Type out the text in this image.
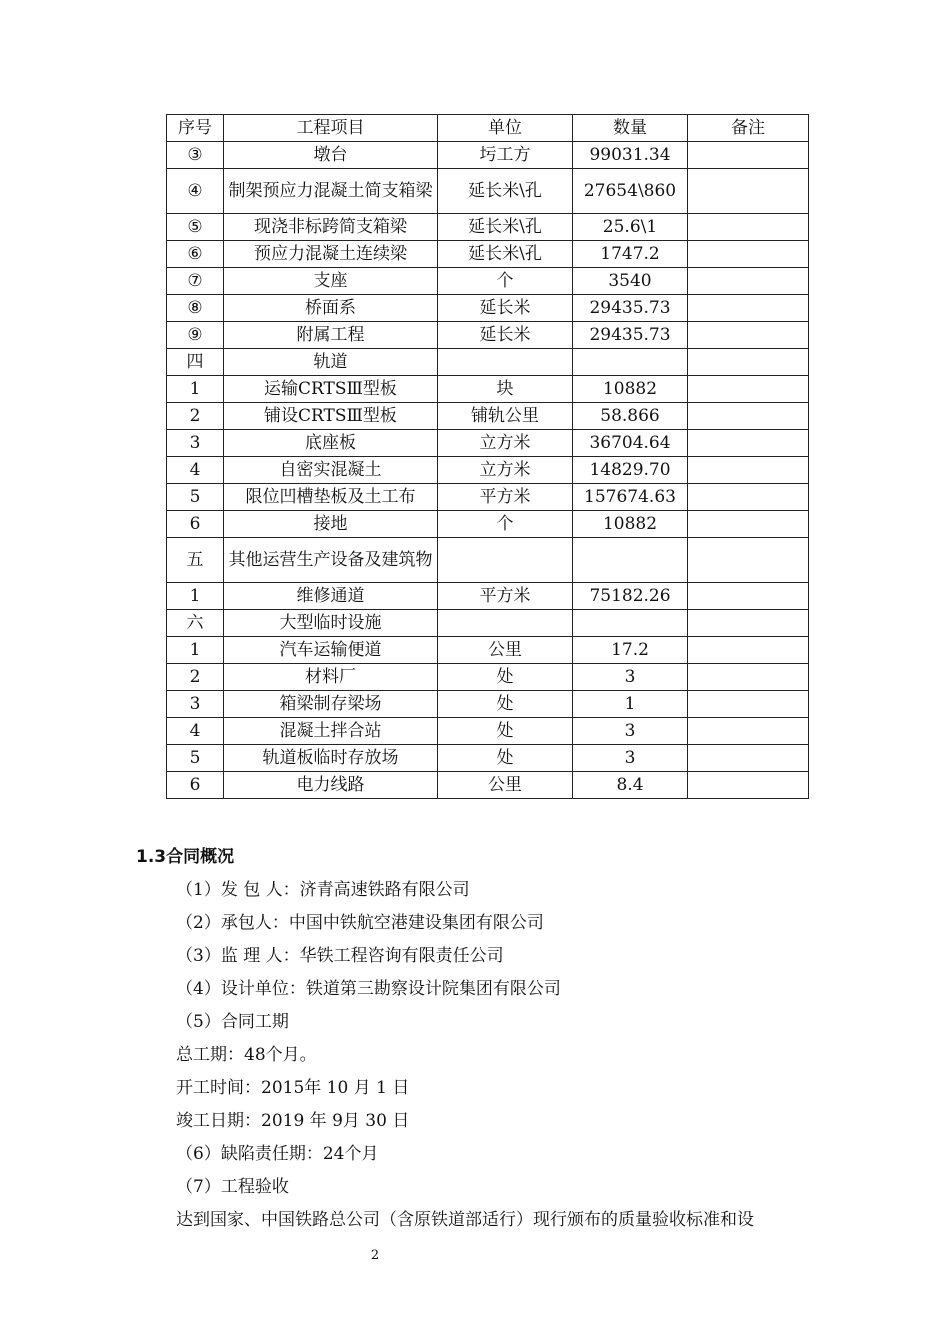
序号	工程项目	单位	数量	备注
③	墩台	圬工方	99031.34	
④	制架预应力混凝土简支箱梁	延长米\孔	27654\860	
⑤	现浇非标跨简支箱梁	延长米\孔	25.6\1	
⑥	预应力混凝土连续梁	延长米\孔	1747.2	
⑦	支座	个	3540	
⑧	桥面系	延长米	29435.73	
⑨	附属工程	延长米	29435.73	
四	轨道			
1	运输CRTSⅢ型板	块	10882	
2	铺设CRTSⅢ型板	铺轨公里	58.866	
3	底座板	立方米	36704.64	
4	自密实混凝土	立方米	14829.70	
5	限位凹槽垫板及土工布	平方米	157674.63	
6	接地	个	10882	
五	其他运营生产设备及建筑物			
1	维修通道	平方米	75182.26	
六	大型临时设施			
1	汽车运输便道	公里	17.2	
2	材料厂	处	3	
3	箱梁制存梁场	处	1	
4	混凝土拌合站	处	3	
5	轨道板临时存放场	处	3	
6	电力线路	公里	8.4	
1.3合同概况
（1）发 包 人：济青高速铁路有限公司
（2）承包人：中国中铁航空港建设集团有限公司
（3）监 理 人：华铁工程咨询有限责任公司
（4）设计单位：铁道第三勘察设计院集团有限公司
（5）合同工期
总工期：48个月。
开工时间：2015年 10 月 1 日
竣工日期：2019 年 9月 30 日
（6）缺陷责任期：24个月
（7）工程验收
达到国家、中国铁路总公司（含原铁道部适行）现行颁布的质量验收标准和设
2
